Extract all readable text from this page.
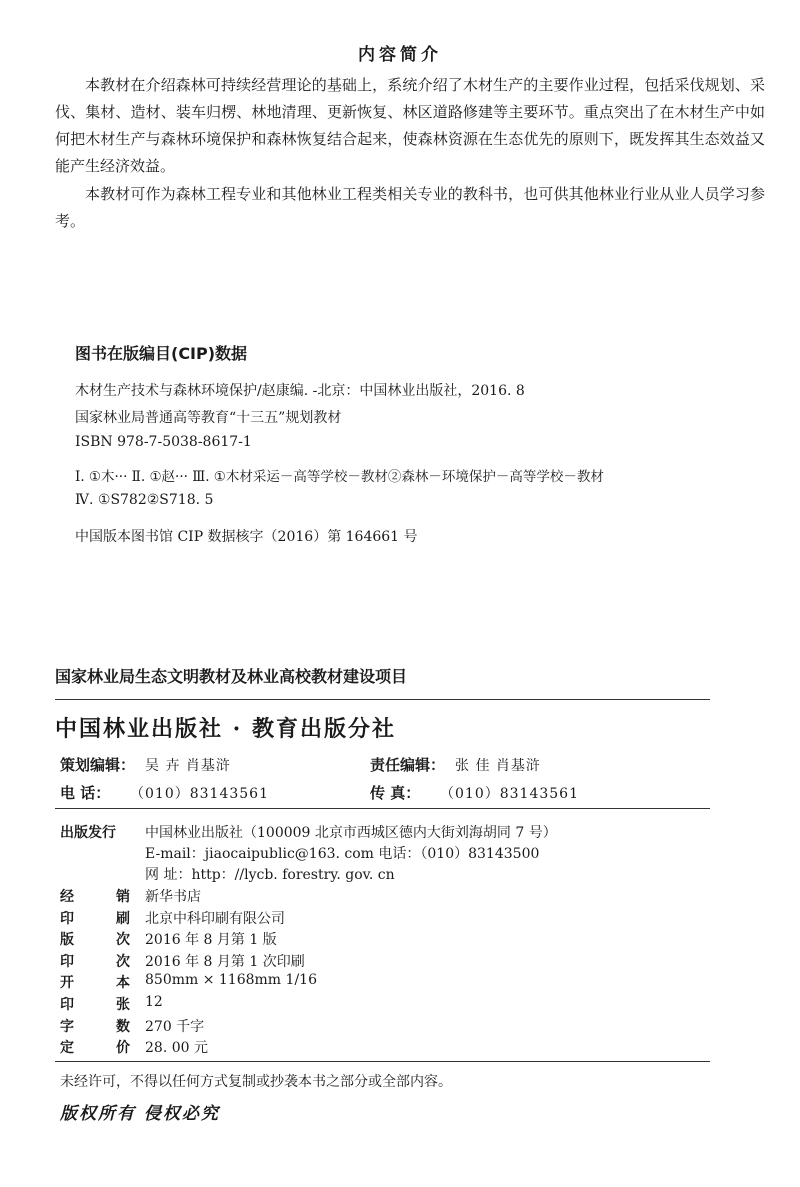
内容简介
本教材在介绍森林可持续经营理论的基础上，系统介绍了木材生产的主要作业过程，包括采伐规划、采伐、集材、造材、装车归楞、林地清理、更新恢复、林区道路修建等主要环节。重点突出了在木材生产中如何把木材生产与森林环境保护和森林恢复结合起来，使森林资源在生态优先的原则下，既发挥其生态效益又能产生经济效益。
本教材可作为森林工程专业和其他林业工程类相关专业的教科书，也可供其他林业行业从业人员学习参考。
图书在版编目(CIP)数据
木材生产技术与森林环境保护/赵康编. -北京：中国林业出版社，2016. 8
国家林业局普通高等教育“十三五”规划教材
ISBN 978-7-5038-8617-1
Ⅰ. ①木··· Ⅱ. ①赵··· Ⅲ. ①木材采运－高等学校－教材②森林－环境保护－高等学校－教材
Ⅳ. ①S782②S718. 5
中国版本图书馆 CIP 数据核字（2016）第 164661 号
国家林业局生态文明教材及林业高校教材建设项目
中国林业出版社 · 教育出版分社
策划编辑： 吴 卉 肖基浒	责任编辑： 张 佳 肖基浒
电 话： （010）83143561	传 真： （010）83143561
出版发行 中国林业出版社（100009 北京市西城区德内大街刘海胡同 7 号）
E-mail：jiaocaipublic@163. com 电话：（010）83143500
网 址：http：//lycb. forestry. gov. cn
经	销 新华书店
印	刷 北京中科印刷有限公司
版	次 2016 年 8 月第 1 版
印	次 2016 年 8 月第 1 次印刷
开	本 850mm × 1168mm 1/16
印	张 12
字	数 270 千字
定	价 28. 00 元
未经许可，不得以任何方式复制或抄袭本书之部分或全部内容。
版权所有 侵权必究
